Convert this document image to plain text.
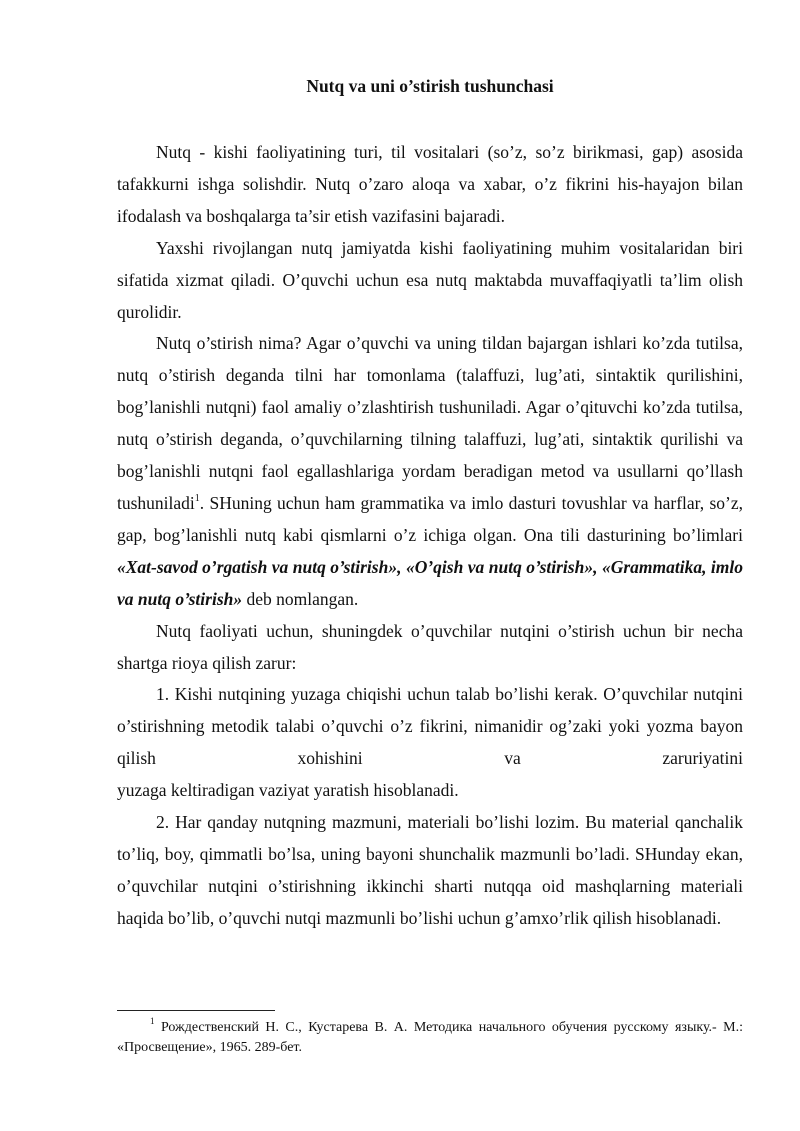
Nutq va uni o’stirish tushunchasi

Nutq - kishi faoliyatining turi, til vositalari (so’z, so’z birikmasi, gap) asosida tafakkurni ishga solishdir. Nutq o’zaro aloqa va xabar, o’z fikrini his-hayajon bilan ifodalash va boshqalarga ta’sir etish vazifasini bajaradi.

Yaxshi rivojlangan nutq jamiyatda kishi faoliyatining muhim vositalaridan biri sifatida xizmat qiladi. O’quvchi uchun esa nutq maktabda muvaffaqiyatli ta’lim olish qurolidir.

Nutq o’stirish nima? Agar o’quvchi va uning tildan bajargan ishlari ko’zda tutilsa, nutq o’stirish deganda tilni har tomonlama (talaffuzi, lug’ati, sintaktik qurilishini, bog’lanishli nutqni) faol amaliy o’zlashtirish tushuniladi. Agar o’qituvchi ko’zda tutilsa, nutq o’stirish deganda, o’quvchilarning tilning talaffuzi, lug’ati, sintaktik qurilishi va bog’lanishli nutqni faol egallashlariga yordam beradigan metod va usullarni qo’llash tushuniladi$^1$. SHuning uchun ham grammatika va imlo dasturi tovushlar va harflar, so’z, gap, bog’lanishli nutq kabi qismlarni o’z ichiga olgan. Ona tili dasturining bo’limlari «Xat-savod o’rgatish va nutq o’stirish», «O’qish va nutq o’stirish», «Grammatika, imlo va nutq o’stirish» deb nomlangan.

Nutq faoliyati uchun, shuningdek o’quvchilar nutqini o’stirish uchun bir necha shartga rioya qilish zarur:

1. Kishi nutqining yuzaga chiqishi uchun talab bo’lishi kerak. O’quvchilar nutqini o’stirishning metodik talabi o’quvchi o’z fikrini, nimanidir og’zaki yoki yozma bayon qilish xohishini va zaruriyatini

yuzaga keltiradigan vaziyat yaratish hisoblanadi.

2. Har qanday nutqning mazmuni, materiali bo’lishi lozim. Bu material qanchalik to’liq, boy, qimmatli bo’lsa, uning bayoni shunchalik mazmunli bo’ladi. SHunday ekan, o’quvchilar nutqini o’stirishning ikkinchi sharti nutqqa oid mashqlarning materiali haqida bo’lib, o’quvchi nutqi mazmunli bo’lishi uchun g’amxo’rlik qilish hisoblanadi.

$^1$ Рождественский Н. С., Кустарева В. А. Методика начального обучения русскому языку.- М.: «Просвещение», 1965. 289-бет.
